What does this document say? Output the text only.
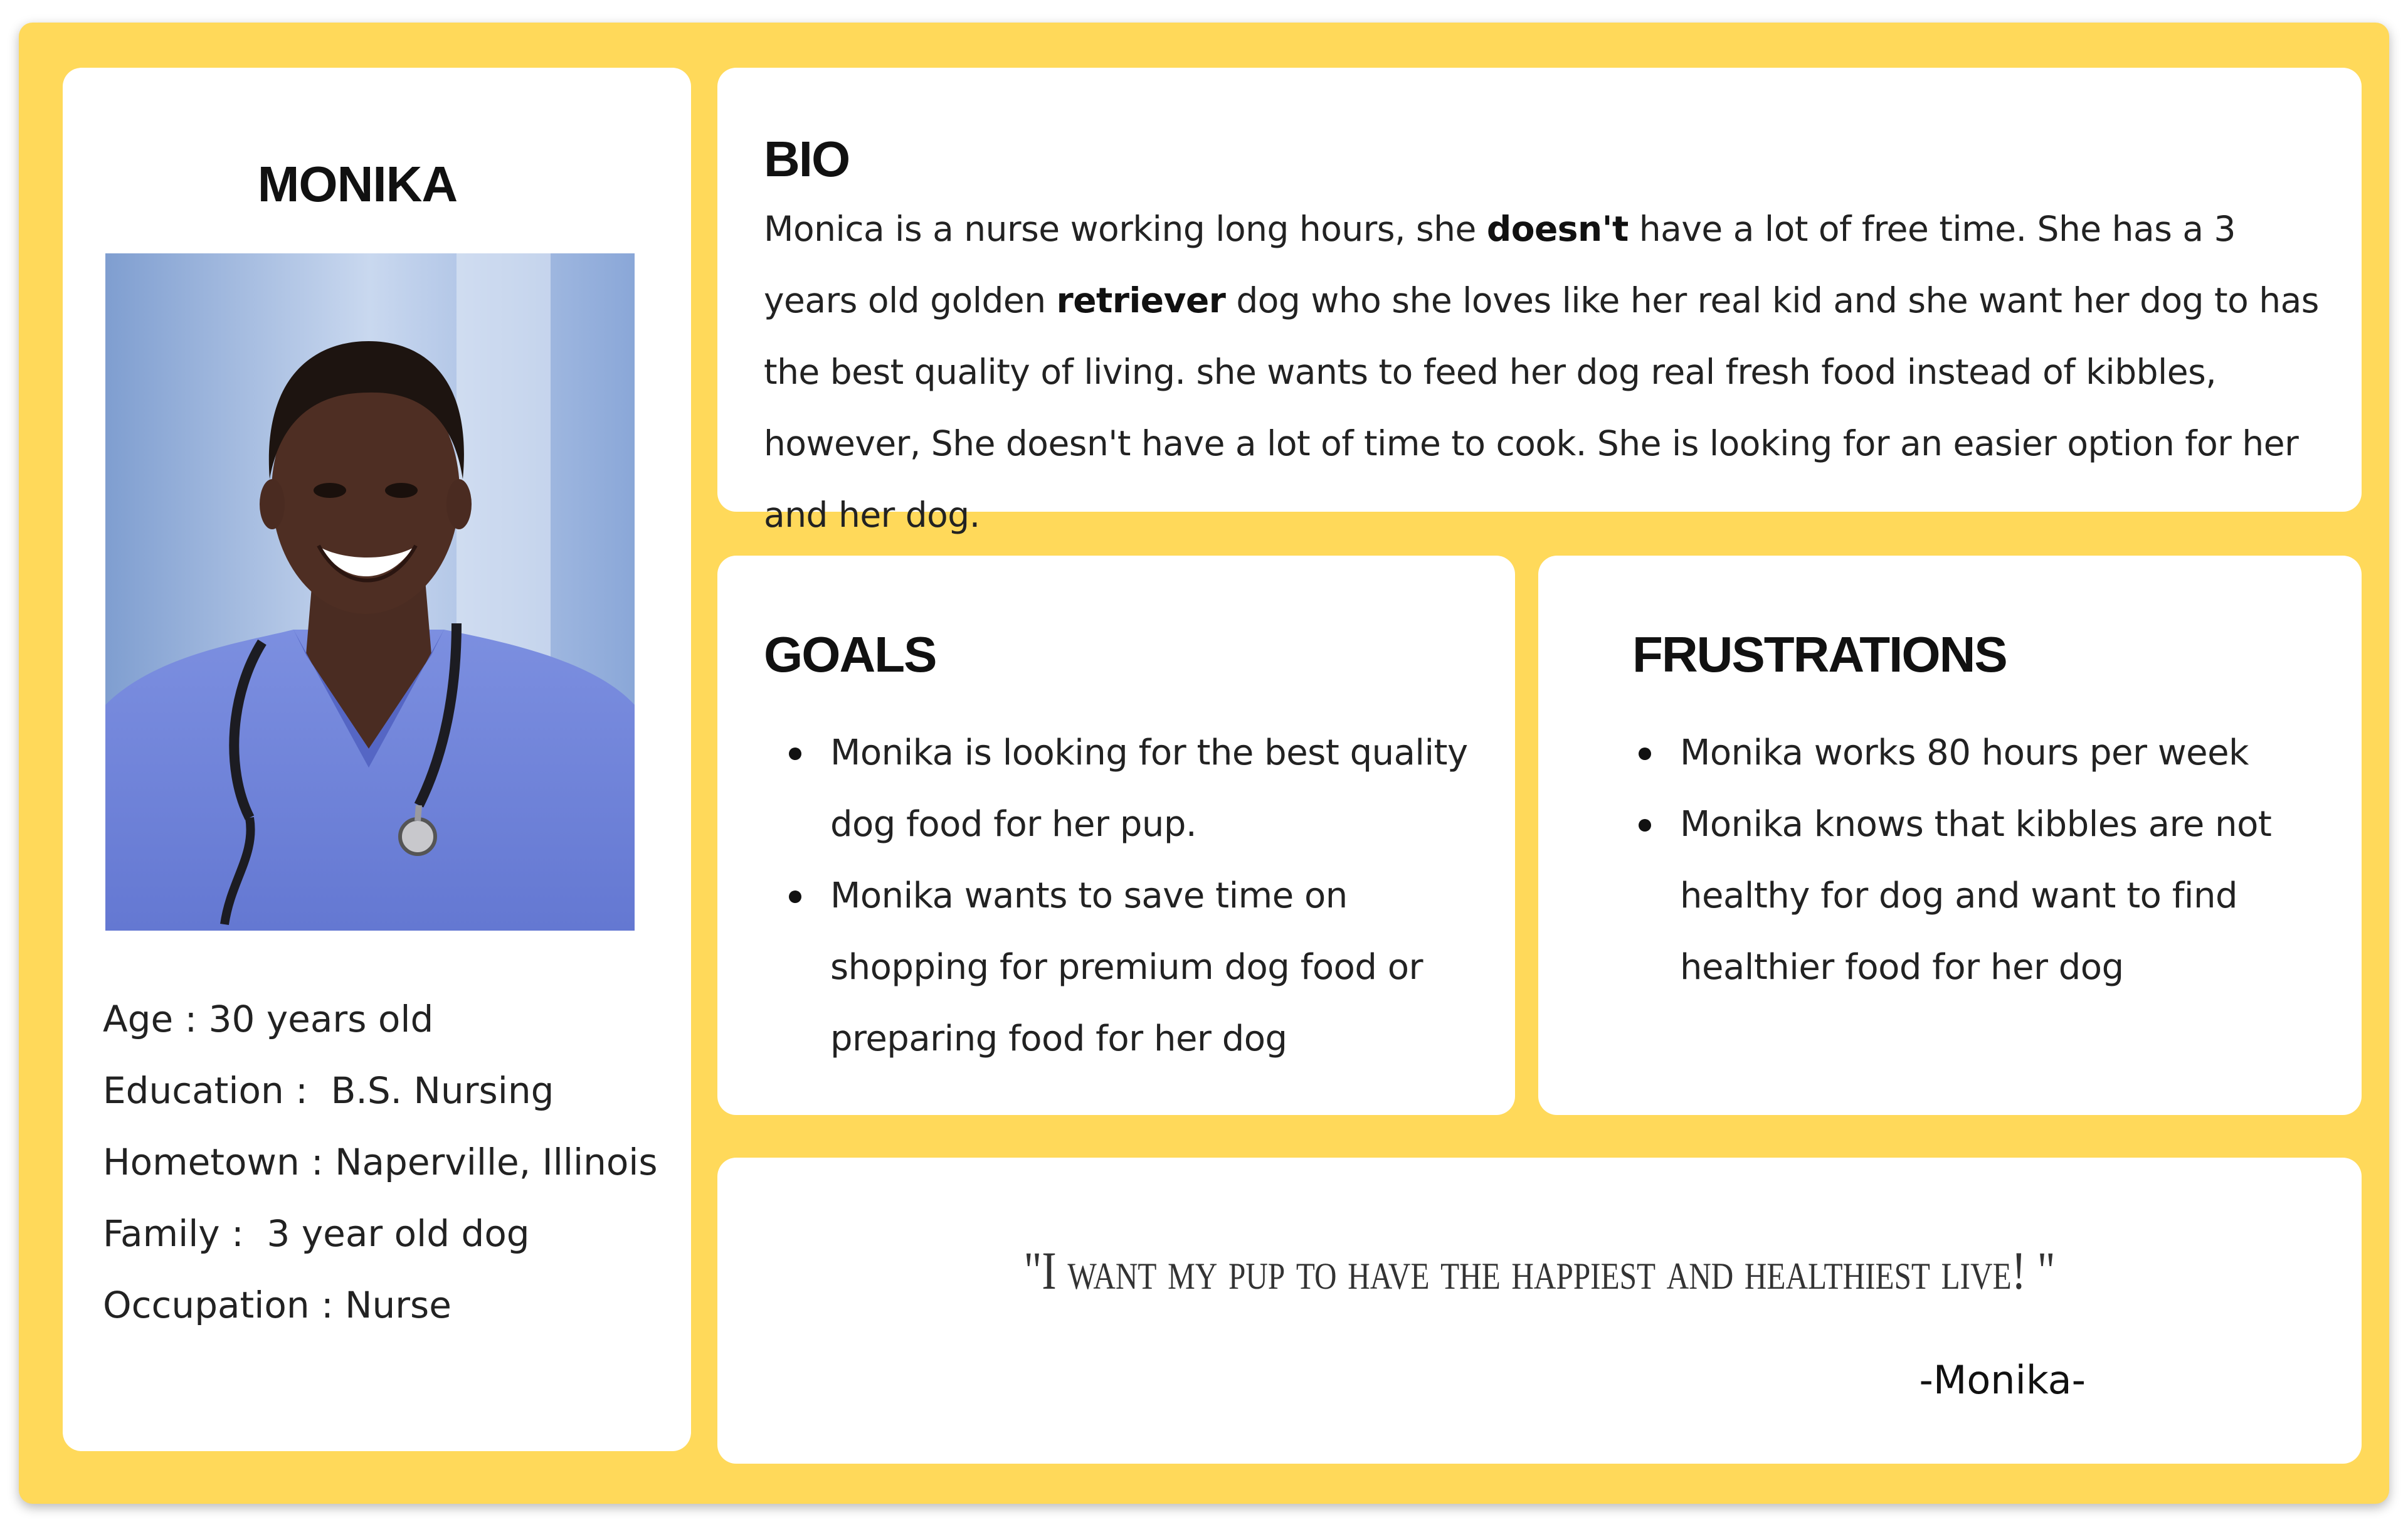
MONIKA
Age : 30 years old
Education :  B.S. Nursing
Hometown : Naperville, Illinois
Family :  3 year old dog
Occupation : Nurse
BIO

Monica is a nurse working long hours, she doesn't have a lot of free time. She has a 3 years old golden retriever dog who she loves like her real kid and she want her dog to has the best quality of living. she wants to feed her dog real fresh food instead of kibbles, however, She doesn't have a lot of time to cook. She is looking for an easier option for her and her dog.

GOALS
Monika is looking for the best quality dog food for her pup.
Monika wants to save time on shopping for premium dog food or preparing food for her dog
FRUSTRATIONS
Monika works 80 hours per week
Monika knows that kibbles are not healthy for dog and want to find healthier food for her dog

"I want my pup to have the happiest and healthiest live! "

-Monika-
